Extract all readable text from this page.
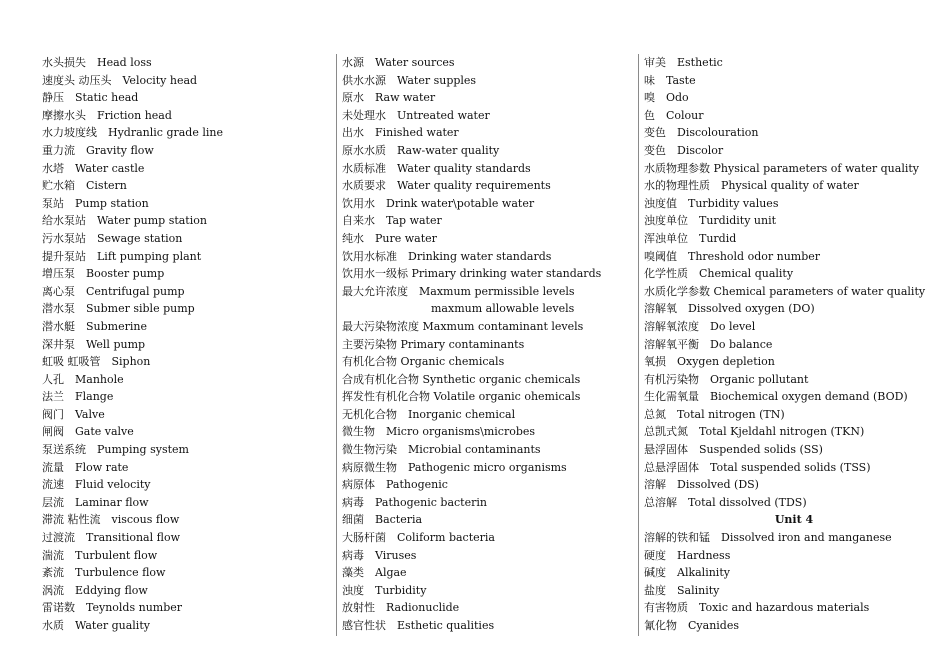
水头损失　Head loss
速度头 动压头　Velocity head
静压　Static head
摩擦水头　Friction head
水力坡度线　Hydranlic grade line
重力流　Gravity flow
水塔　Water castle
贮水箱　Cistern
泵站　Pump station
给水泵站　Water pump station
污水泵站　Sewage station
提升泵站　Lift pumping plant
增压泵　Booster pump
离心泵　Centrifugal pump
潜水泵　Submer sible pump
潜水艇　Submerine
深井泵　Well pump
虹吸 虹吸管　Siphon
人孔　Manhole
法兰　Flange
阀门　Valve
闸阀　Gate valve
泵送系统　Pumping system
流量　Flow rate
流速　Fluid velocity
层流　Laminar flow
滞流 粘性流　viscous flow
过渡流　Transitional flow
湍流　Turbulent flow
紊流　Turbulence flow
涡流　Eddying flow
雷诺数　Teynolds number
水质　Water guality
水源　Water sources
供水水源　Water supples
原水　Raw water
未处理水　Untreated water
出水　Finished water
原水水质　Raw-water quality
水质标准　Water quality standards
水质要求　Water quality requirements
饮用水　Drink water\potable water
自来水　Tap water
纯水　Pure water
饮用水标准　Drinking water standards
饮用水一级标 Primary drinking water standards
最大允许浓度　Maxmum permissible levels
maxmum allowable levels
最大污染物浓度 Maxmum contaminant levels
主要污染物 Primary contaminants
有机化合物 Organic chemicals
合成有机化合物 Synthetic organic chemicals
挥发性有机化合物 Volatile organic ohemicals
无机化合物　Inorganic chemical
微生物　Micro organisms\microbes
微生物污染　Microbial contaminants
病原微生物　Pathogenic micro organisms
病原体　Pathogenic
病毒　Pathogenic bacterin
细菌　Bacteria
大肠杆菌　Coliform bacteria
病毒　Viruses
藻类　Algae
浊度　Turbidity
放射性　Radionuclide
感官性状　Esthetic qualities
审美　Esthetic
味　Taste
嗅　Odo
色　Colour
变色　Discolouration
变色　Discolor
水质物理参数 Physical parameters of water quality
水的物理性质　Physical quality of water
浊度值　Turbidity values
浊度单位　Turdidity unit
浑浊单位　Turdid
嗅阈值　Threshold odor number
化学性质　Chemical quality
水质化学参数 Chemical parameters of water quality
溶解氧　Dissolved oxygen (DO)
溶解氧浓度　Do level
溶解氧平衡　Do balance
氧损　Oxygen depletion
有机污染物　Organic pollutant
生化需氧量　Biochemical oxygen demand (BOD)
总氮　Total nitrogen (TN)
总凯式氮　Total Kjeldahl nitrogen (TKN)
悬浮固体　Suspended solids (SS)
总悬浮固体　Total suspended solids (TSS)
溶解　Dissolved (DS)
总溶解　Total dissolved (TDS)
Unit 4
溶解的铁和锰　Dissolved iron and manganese
硬度　Hardness
碱度　Alkalinity
盐度　Salinity
有害物质　Toxic and hazardous materials
氰化物　Cyanides
